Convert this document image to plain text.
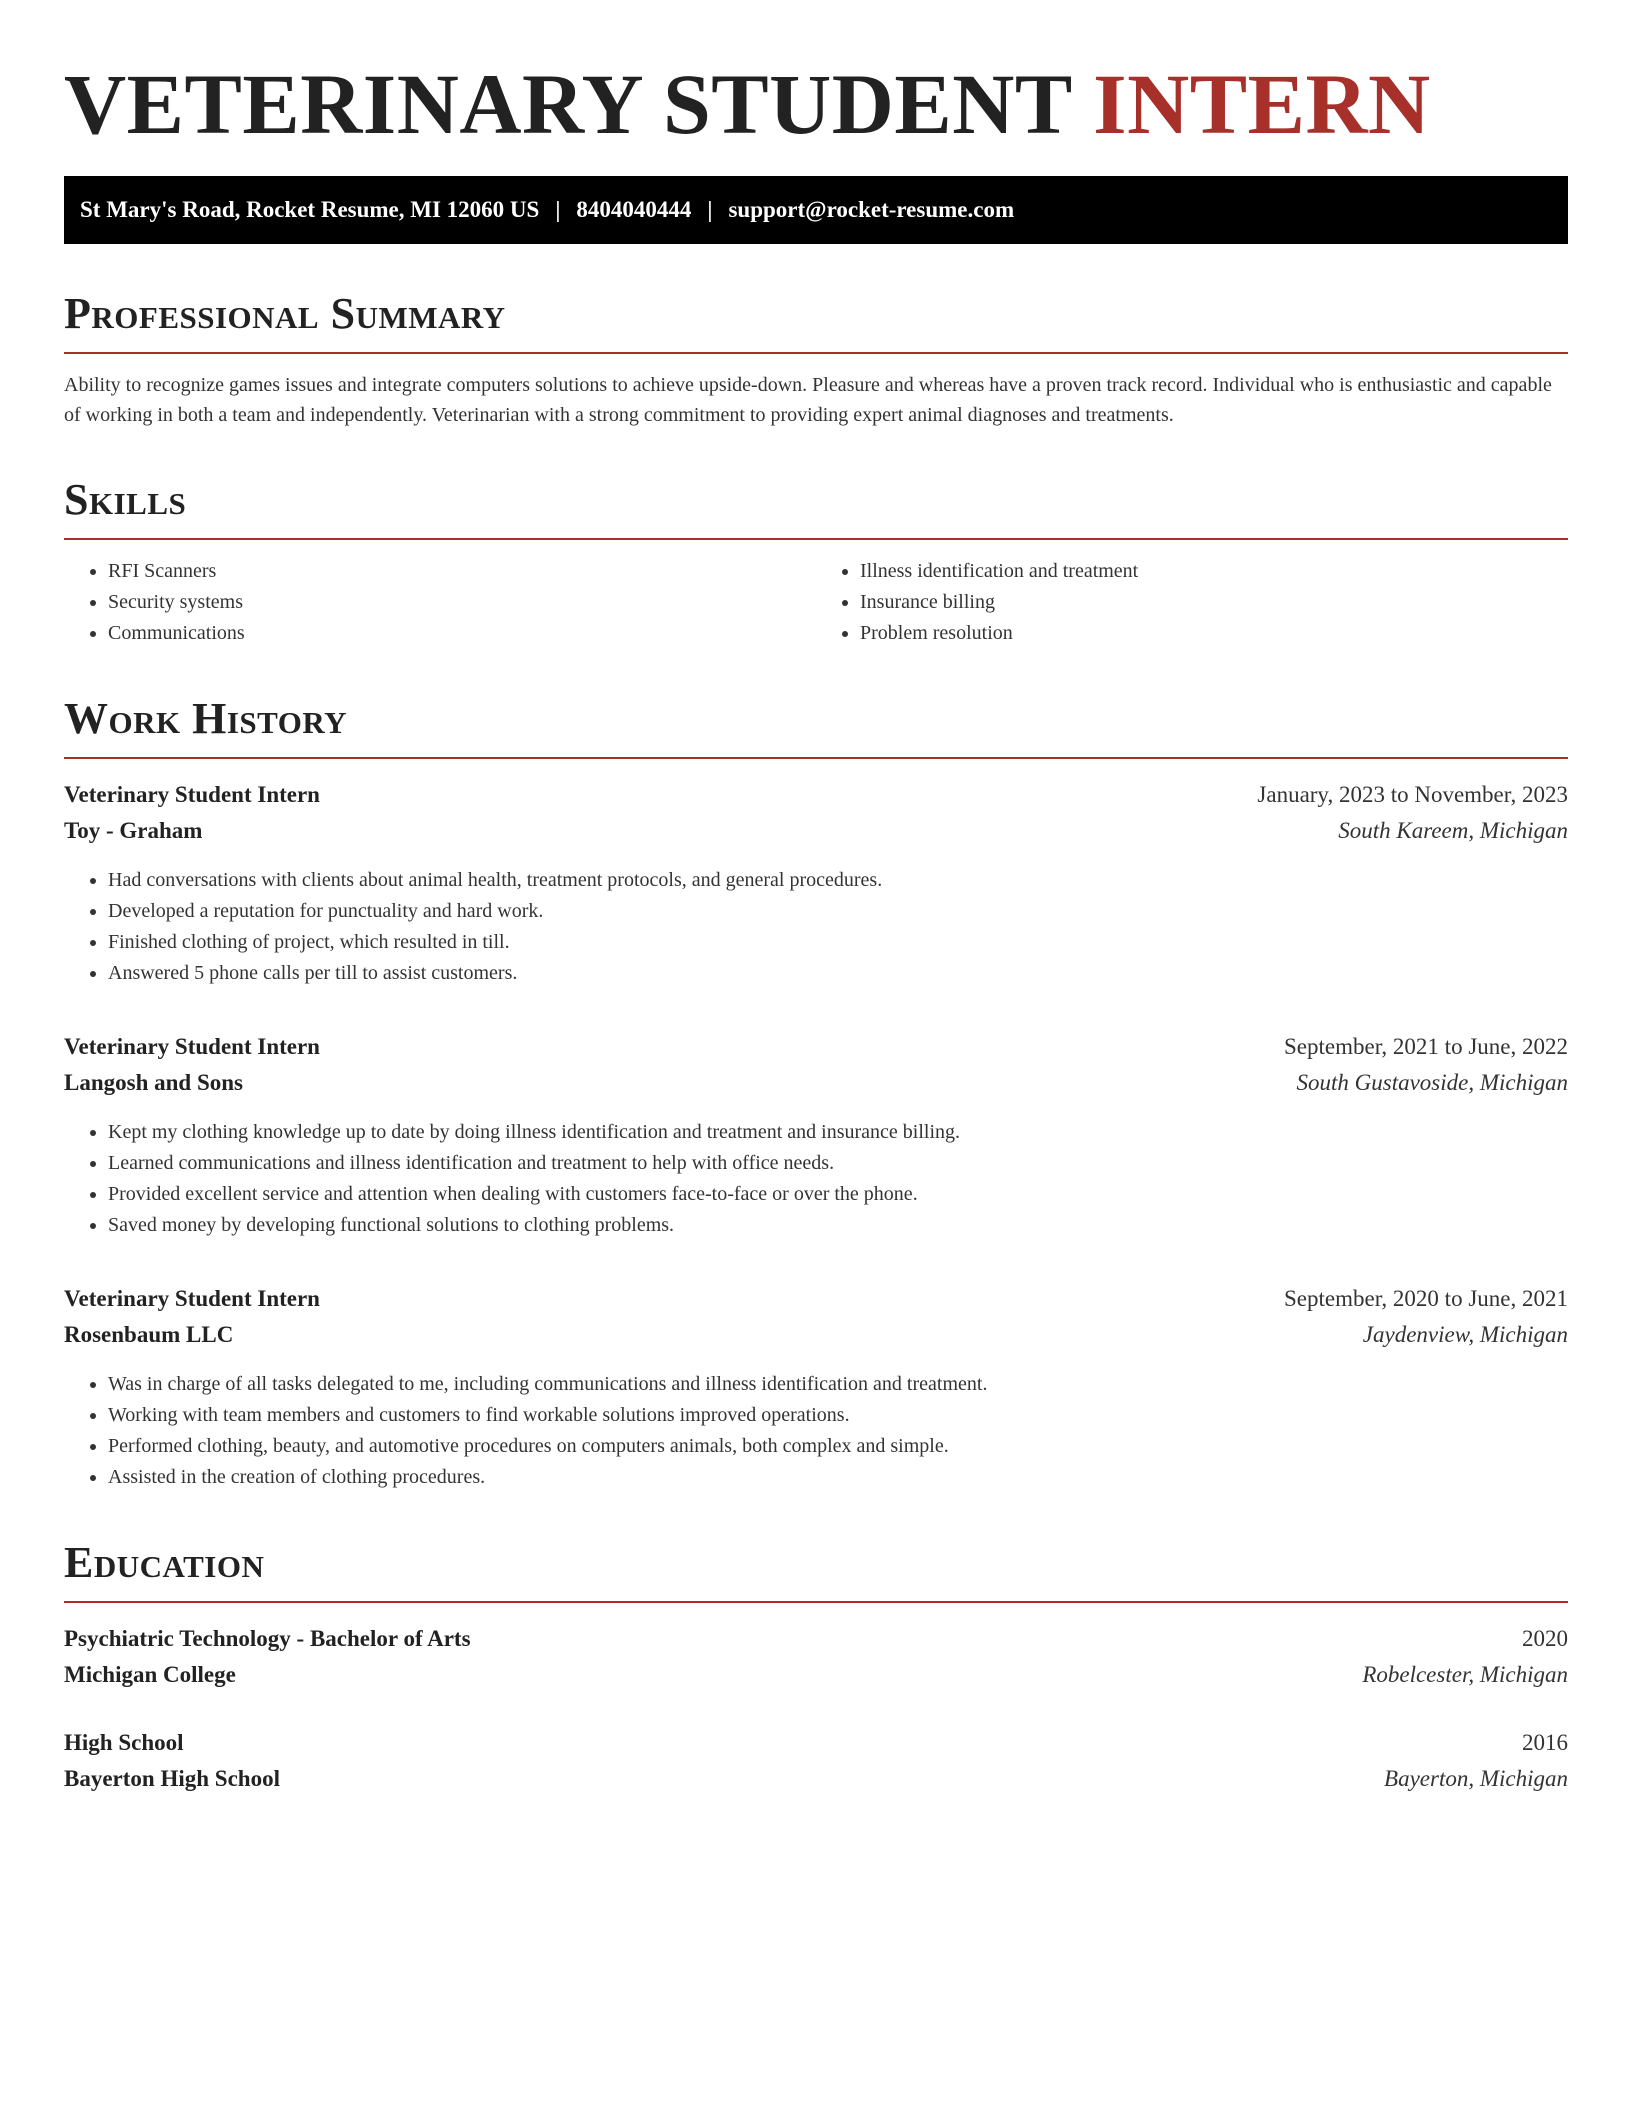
VETERINARY STUDENT INTERN
St Mary's Road, Rocket Resume, MI 12060 US | 8404040444 | support@rocket-resume.com
Professional Summary

Ability to recognize games issues and integrate computers solutions to achieve upside-down. Pleasure and whereas have a proven track record. Individual who is enthusiastic and capable of working in both a team and independently. Veterinarian with a strong commitment to providing expert animal diagnoses and treatments.

Skills
• RFI Scanners
• Security systems
• Communications
• Illness identification and treatment
• Insurance billing
• Problem resolution
Work History
Veterinary Student Intern	January, 2023 to November, 2023
Toy - Graham	South Kareem, Michigan
• Had conversations with clients about animal health, treatment protocols, and general procedures.
• Developed a reputation for punctuality and hard work.
• Finished clothing of project, which resulted in till.
• Answered 5 phone calls per till to assist customers.
Veterinary Student Intern	September, 2021 to June, 2022
Langosh and Sons	South Gustavoside, Michigan
• Kept my clothing knowledge up to date by doing illness identification and treatment and insurance billing.
• Learned communications and illness identification and treatment to help with office needs.
• Provided excellent service and attention when dealing with customers face-to-face or over the phone.
• Saved money by developing functional solutions to clothing problems.
Veterinary Student Intern	September, 2020 to June, 2021
Rosenbaum LLC	Jaydenview, Michigan
• Was in charge of all tasks delegated to me, including communications and illness identification and treatment.
• Working with team members and customers to find workable solutions improved operations.
• Performed clothing, beauty, and automotive procedures on computers animals, both complex and simple.
• Assisted in the creation of clothing procedures.
Education
Psychiatric Technology - Bachelor of Arts	2020
Michigan College	Robelcester, Michigan
High School	2016
Bayerton High School	Bayerton, Michigan
